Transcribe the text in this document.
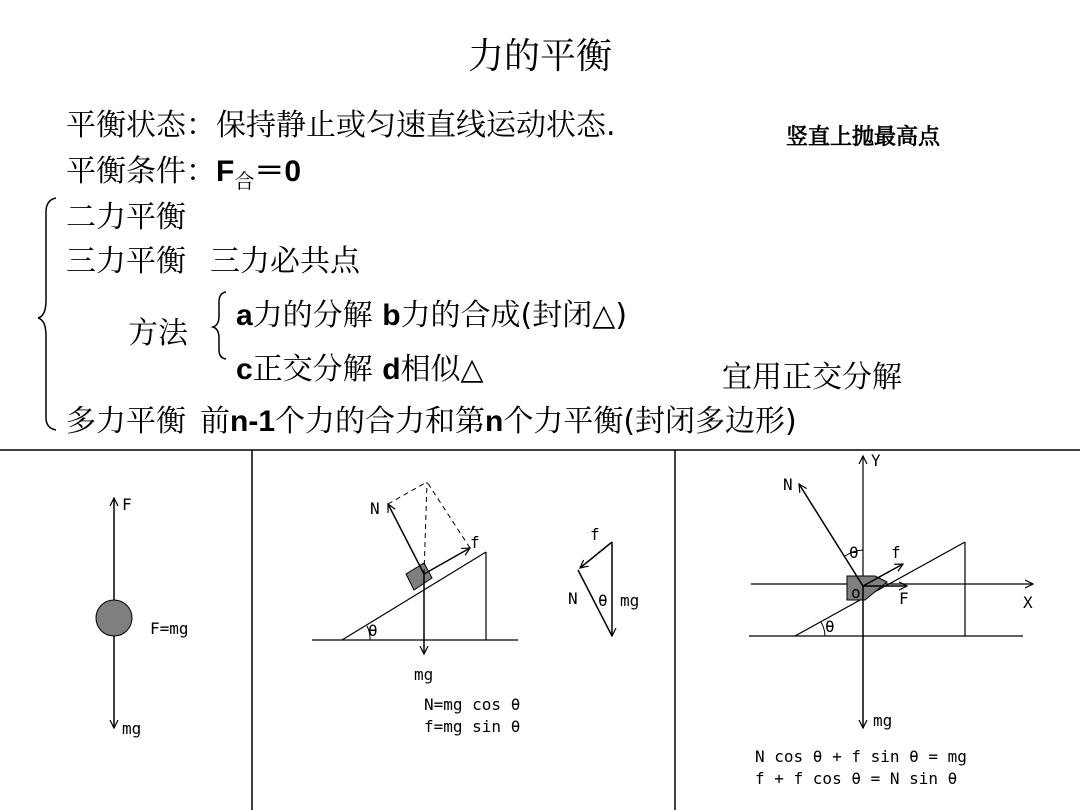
力的平衡
平衡状态：保持静止或匀速直线运动状态.	竖直上抛最高点
平衡条件：$F_合=0$
二力平衡
三力平衡 三力必共点
方法
a力的分解 b力的合成(封闭△)
c正交分解 d相似△	宜用正交分解
多力平衡 前n-1个力的合力和第n个力平衡(封闭多边形)
F
F=mg
mg
θ
N
f
mg
N=mg cos θ
f=mg sin θ
f
N θ mg
θ
Y
N
θ f
o F	X
mg
N cos θ + f sin θ = mg
f + f cos θ = N sin θ
